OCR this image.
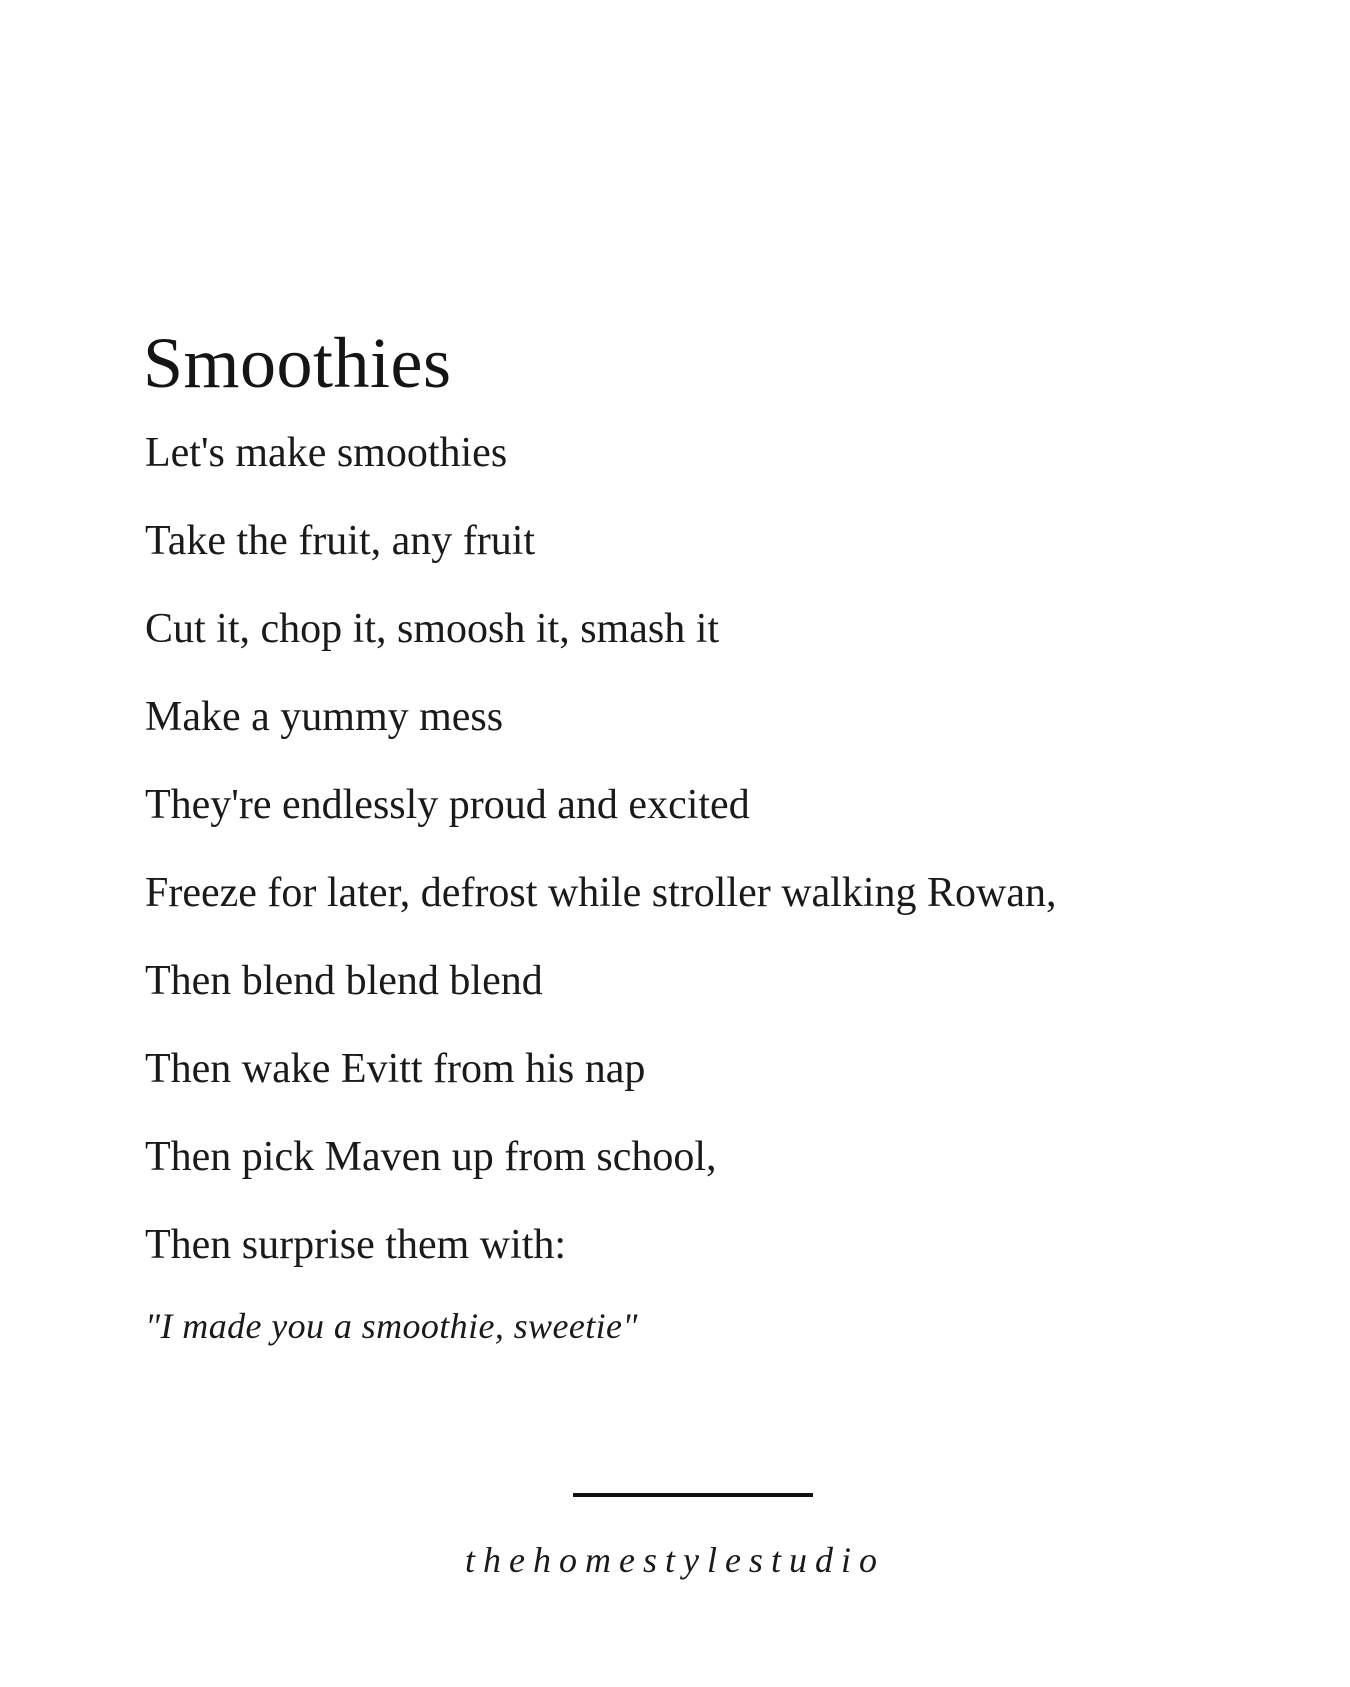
Smoothies
Let's make smoothies
Take the fruit, any fruit
Cut it, chop it, smoosh it, smash it
Make a yummy mess
They're endlessly proud and excited
Freeze for later, defrost while stroller walking Rowan,
Then blend blend blend
Then wake Evitt from his nap
Then pick Maven up from school,
Then surprise them with:

"I made you a smoothie, sweetie"

thehomestylestudio
